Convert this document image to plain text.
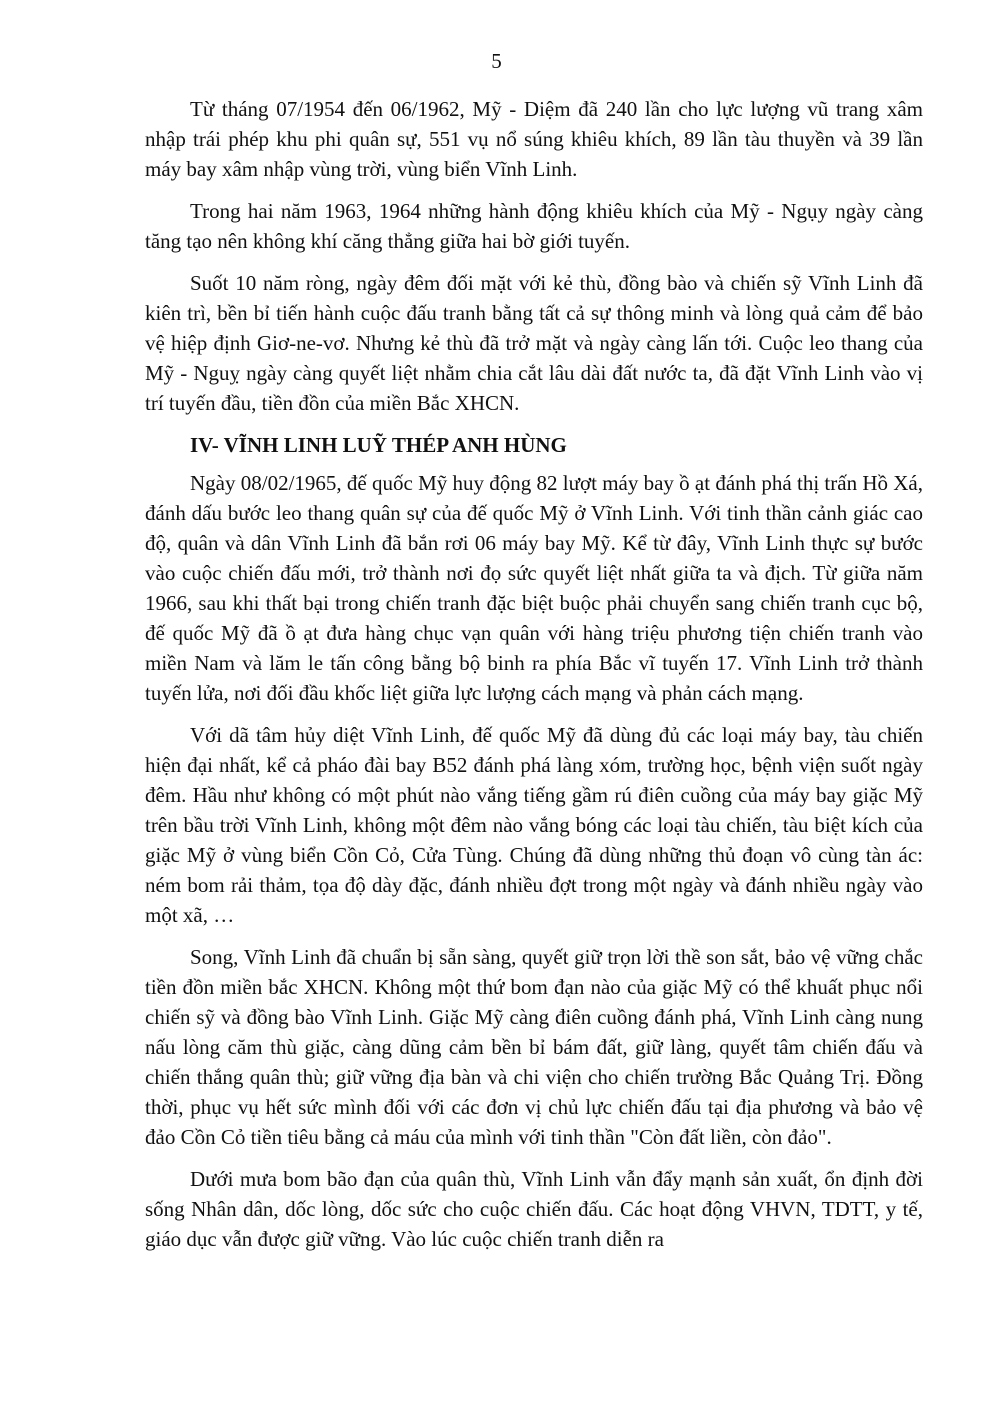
5

Từ tháng 07/1954 đến 06/1962, Mỹ - Diệm đã 240 lần cho lực lượng vũ trang xâm nhập trái phép khu phi quân sự, 551 vụ nổ súng khiêu khích, 89 lần tàu thuyền và 39 lần máy bay xâm nhập vùng trời, vùng biển Vĩnh Linh.

Trong hai năm 1963, 1964 những hành động khiêu khích của Mỹ - Ngụy ngày càng tăng tạo nên không khí căng thẳng giữa hai bờ giới tuyến.

Suốt 10 năm ròng, ngày đêm đối mặt với kẻ thù, đồng bào và chiến sỹ Vĩnh Linh đã kiên trì, bền bỉ tiến hành cuộc đấu tranh bằng tất cả sự thông minh và lòng quả cảm để bảo vệ hiệp định Giơ-ne-vơ. Nhưng kẻ thù đã trở mặt và ngày càng lấn tới. Cuộc leo thang của Mỹ - Nguỵ ngày càng quyết liệt nhằm chia cắt lâu dài đất nước ta, đã đặt Vĩnh Linh vào vị trí tuyến đầu, tiền đồn của miền Bắc XHCN.

IV- VĨNH LINH LUỸ THÉP ANH HÙNG

Ngày 08/02/1965, đế quốc Mỹ huy động 82 lượt máy bay ồ ạt đánh phá thị trấn Hồ Xá, đánh dấu bước leo thang quân sự của đế quốc Mỹ ở Vĩnh Linh. Với tinh thần cảnh giác cao độ, quân và dân Vĩnh Linh đã bắn rơi 06 máy bay Mỹ. Kể từ đây, Vĩnh Linh thực sự bước vào cuộc chiến đấu mới, trở thành nơi đọ sức quyết liệt nhất giữa ta và địch. Từ giữa năm 1966, sau khi thất bại trong chiến tranh đặc biệt buộc phải chuyển sang chiến tranh cục bộ, đế quốc Mỹ đã ồ ạt đưa hàng chục vạn quân với hàng triệu phương tiện chiến tranh vào miền Nam và lăm le tấn công bằng bộ binh ra phía Bắc vĩ tuyến 17. Vĩnh Linh trở thành tuyến lửa, nơi đối đầu khốc liệt giữa lực lượng cách mạng và phản cách mạng.

Với dã tâm hủy diệt Vĩnh Linh, đế quốc Mỹ đã dùng đủ các loại máy bay, tàu chiến hiện đại nhất, kể cả pháo đài bay B52 đánh phá làng xóm, trường học, bệnh viện suốt ngày đêm. Hầu như không có một phút nào vắng tiếng gầm rú điên cuồng của máy bay giặc Mỹ trên bầu trời Vĩnh Linh, không một đêm nào vắng bóng các loại tàu chiến, tàu biệt kích của giặc Mỹ ở vùng biển Cồn Cỏ, Cửa Tùng. Chúng đã dùng những thủ đoạn vô cùng tàn ác: ném bom rải thảm, tọa độ dày đặc, đánh nhiều đợt trong một ngày và đánh nhiều ngày vào một xã, …

Song, Vĩnh Linh đã chuẩn bị sẵn sàng, quyết giữ trọn lời thề son sắt, bảo vệ vững chắc tiền đồn miền bắc XHCN. Không một thứ bom đạn nào của giặc Mỹ có thể khuất phục nổi chiến sỹ và đồng bào Vĩnh Linh. Giặc Mỹ càng điên cuồng đánh phá, Vĩnh Linh càng nung nấu lòng căm thù giặc, càng dũng cảm bền bỉ bám đất, giữ làng, quyết tâm chiến đấu và chiến thắng quân thù; giữ vững địa bàn và chi viện cho chiến trường Bắc Quảng Trị. Đồng thời, phục vụ hết sức mình đối với các đơn vị chủ lực chiến đấu tại địa phương và bảo vệ đảo Cồn Cỏ tiền tiêu bằng cả máu của mình với tinh thần "Còn đất liền, còn đảo".

Dưới mưa bom bão đạn của quân thù, Vĩnh Linh vẫn đẩy mạnh sản xuất, ổn định đời sống Nhân dân, dốc lòng, dốc sức cho cuộc chiến đấu. Các hoạt động VHVN, TDTT, y tế, giáo dục vẫn được giữ vững. Vào lúc cuộc chiến tranh diễn ra
